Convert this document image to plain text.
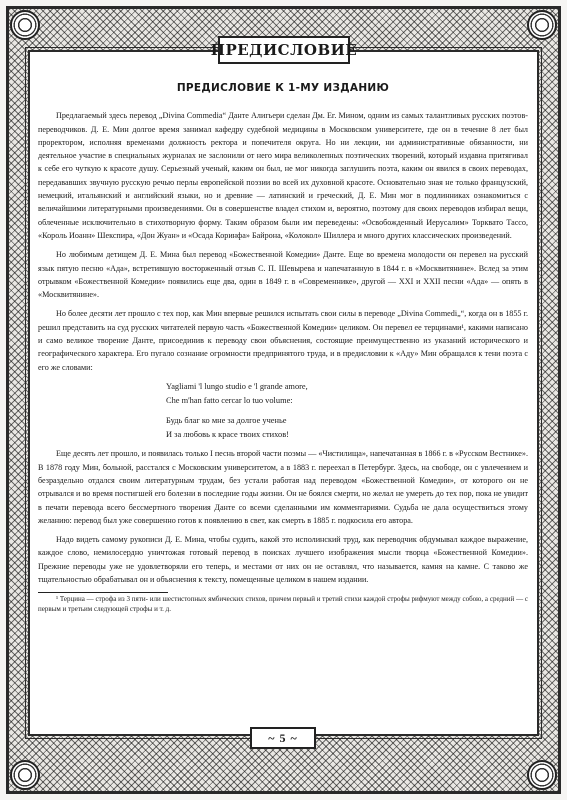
ПРЕДИСЛОВИЕ
ПРЕДИСЛОВИЕ К 1-МУ ИЗДАНИЮ

Предлагаемый здесь перевод „Divina Commedia“ Данте Алигьери сделан Дм. Ег. Мином, одним из самых талантливых русских поэтов-переводчиков. Д. Е. Мин долгое время занимал кафедру судебной медицины в Московском университете, где он в течение 8 лет был проректором, исполняя временами должность ректора и попечителя округа. Но ни лекции, ни административные обязанности, ни деятельное участие в специальных журналах не заслонили от него мира великолепных поэтических творений, который издавна притягивал к себе его чуткую к красоте душу. Серьезный ученый, каким он был, не мог никогда заглушить поэта, каким он явился в своих переводах, передававших звучную русскую речью перлы европейской поэзии во всей их духовной красоте. Основательно зная не только французский, немецкий, итальянский и английский языки, но и древние — латинский и греческий, Д. Е. Мин мог в подлинниках ознакомиться с величайшими литературными произведениями. Он в совершенстве владел стихом и, вероятно, поэтому для своих переводов избирал вещи, облеченные исключительно в стихотворную форму. Таким образом были им переведены: «Освобожденный Иерусалим» Торквато Тассо, «Король Иоанн» Шекспира, «Дон Жуан» и «Осада Коринфа» Байрона, «Колокол» Шиллера и много других классических произведений.

Но любимым детищем Д. Е. Мина был перевод «Божественной Комедии» Данте. Еще во времена молодости он перевел на русский язык пятую песню «Ада», встретившую восторженный отзыв С. П. Шевырева и напечатанную в 1844 г. в «Москвитянине». Вслед за этим отрывком «Божественной Комедии» появились еще два, один в 1849 г. в «Современнике», другой — XXI и XXII песни «Ада» — опять в «Москвитянине».

Но более десяти лет прошло с тех пор, как Мин впервые решился испытать свои силы в переводе „Divina Commedi„“, когда он в 1855 г. решил представить на суд русских читателей первую часть «Божественной Комедии» целиком. Он перевел ее терцинами¹, какими написано и само великое творение Данте, присоединив к переводу свои объяснения, состоящие преимущественно из указаний исторического и географического характера. Его пугало сознание огромности предпринятого труда, и в предисловии к «Аду» Мин обращался к тени поэта с его же словами:

Yagliami 'l lungo studio e 'l grande amore,
Che m'han fatto cercar lo tuo volume:
Будь благ ко мне за долгое ученье
И за любовь к красе твоих стихов!

Еще десять лет прошло, и появилась только I песнь второй части поэмы — «Чистилища», напечатанная в 1866 г. в «Русском Вестнике». В 1878 году Мин, больной, расстался с Московским университетом, а в 1883 г. переехал в Петербург. Здесь, на свободе, он с увлечением и безраздельно отдался своим литературным трудам, без устали работая над переводом «Божественной Комедии», от которого он не отрывался и во время постигшей его болезни в последние годы жизни. Он не боялся смерти, но желал не умереть до тех пор, пока не увидит в печати перевода всего бессмертного творения Данте со всеми сделанными им комментариями. Судьба не дала осуществиться этому желанию: перевод был уже совершенно готов к появлению в свет, как смерть в 1885 г. подкосила его автора.

Надо видеть самому рукописи Д. Е. Мина, чтобы судить, какой это исполинский труд, как переводчик обдумывал каждое выражение, каждое слово, немилосердно уничтожая готовый перевод в поисках лучшего изображения мысли творца «Божественной Комедии». Прежние переводы уже не удовлетворяли его теперь, и местами от них он не оставлял, что называется, камня на камне. С таково же тщательностью обрабатывал он и объяснения к тексту, помещенные целиком в нашем издании.

¹ Терцина — строфа из 3 пяти- или шестистопных ямбических стихов, причем первый и третий стихи каждой строфы рифмуют между собою, а средний — с первым и третьим следующей строфы и т. д.

~ 5 ~
